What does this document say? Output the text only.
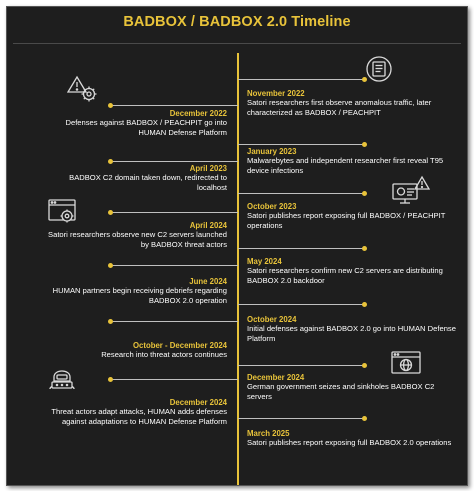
BADBOX / BADBOX 2.0 Timeline
November 2022
Satori researchers first observe anomalous traffic, later characterized as BADBOX / PEACHPIT
December 2022
Defenses against BADBOX / PEACHPIT go into HUMAN Defense Platform
January 2023
Malwarebytes and independent researcher first reveal T95 device infections
April 2023
BADBOX C2 domain taken down, redirected to localhost
October 2023
Satori publishes report exposing full BADBOX / PEACHPIT operations
April 2024
Satori researchers observe new C2 servers launched by BADBOX threat actors
May 2024
Satori researchers confirm new C2 servers are distributing BADBOX 2.0 backdoor
June 2024
HUMAN partners begin receiving debriefs regarding BADBOX 2.0 operation
October 2024
Initial defenses against BADBOX 2.0 go into HUMAN Defense Platform
October - December 2024
Research into threat actors continues
December 2024
German government seizes and sinkholes BADBOX C2 servers
December 2024
Threat actors adapt attacks, HUMAN adds defenses against adaptations to HUMAN Defense Platform
March 2025
Satori publishes report exposing full BADBOX 2.0 operations
